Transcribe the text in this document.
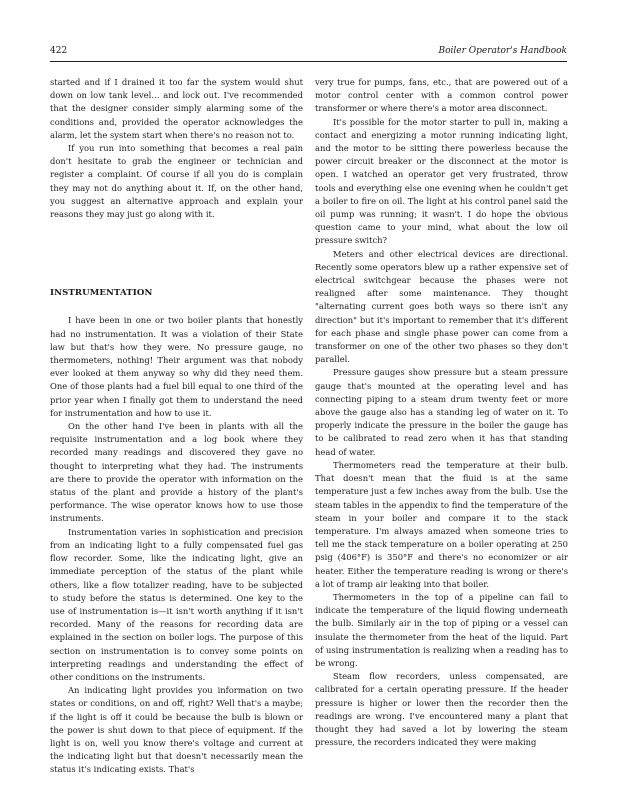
422	Boiler Operator's Handbook

started and if I drained it too far the system would shut down on low tank level… and lock out. I've recommended that the designer consider simply alarming some of the conditions and, provided the operator acknowledges the alarm, let the system start when there's no reason not to.

If you run into something that becomes a real pain don't hesitate to grab the engineer or technician and register a complaint. Of course if all you do is complain they may not do anything about it. If, on the other hand, you suggest an alternative approach and explain your reasons they may just go along with it.

INSTRUMENTATION

I have been in one or two boiler plants that honestly had no instrumentation. It was a violation of their State law but that's how they were. No pressure gauge, no thermometers, nothing! Their argument was that nobody ever looked at them anyway so why did they need them. One of those plants had a fuel bill equal to one third of the prior year when I finally got them to understand the need for instrumentation and how to use it.

On the other hand I've been in plants with all the requisite instrumentation and a log book where they recorded many readings and discovered they gave no thought to interpreting what they had. The instruments are there to provide the operator with information on the status of the plant and provide a history of the plant's performance. The wise operator knows how to use those instruments.

Instrumentation varies in sophistication and precision from an indicating light to a fully compensated fuel gas flow recorder. Some, like the indicating light, give an immediate perception of the status of the plant while others, like a flow totalizer reading, have to be subjected to study before the status is determined. One key to the use of instrumentation is—it isn't worth anything if it isn't recorded. Many of the reasons for recording data are explained in the section on boiler logs. The purpose of this section on instrumentation is to convey some points on interpreting readings and understanding the effect of other conditions on the instruments.

An indicating light provides you information on two states or conditions, on and off, right? Well that's a maybe; if the light is off it could be because the bulb is blown or the power is shut down to that piece of equipment. If the light is on, well you know there's voltage and current at the indicating light but that doesn't necessarily mean the status it's indicating exists. That's

very true for pumps, fans, etc., that are powered out of a motor control center with a common control power transformer or where there's a motor area disconnect.

It's possible for the motor starter to pull in, making a contact and energizing a motor running indicating light, and the motor to be sitting there powerless because the power circuit breaker or the disconnect at the motor is open. I watched an operator get very frustrated, throw tools and everything else one evening when he couldn't get a boiler to fire on oil. The light at his control panel said the oil pump was running; it wasn't. I do hope the obvious question came to your mind, what about the low oil pressure switch?

Meters and other electrical devices are directional. Recently some operators blew up a rather expensive set of electrical switchgear because the phases were not realigned after some maintenance. They thought "alternating current goes both ways so there isn't any direction" but it's important to remember that it's different for each phase and single phase power can come from a transformer on one of the other two phases so they don't parallel.

Pressure gauges show pressure but a steam pressure gauge that's mounted at the operating level and has connecting piping to a steam drum twenty feet or more above the gauge also has a standing leg of water on it. To properly indicate the pressure in the boiler the gauge has to be calibrated to read zero when it has that standing head of water.

Thermometers read the temperature at their bulb. That doesn't mean that the fluid is at the same temperature just a few inches away from the bulb. Use the steam tables in the appendix to find the temperature of the steam in your boiler and compare it to the stack temperature. I'm always amazed when someone tries to tell me the stack temperature on a boiler operating at 250 psig (406°F) is 350°F and there's no economizer or air heater. Either the temperature reading is wrong or there's a lot of tramp air leaking into that boiler.

Thermometers in the top of a pipeline can fail to indicate the temperature of the liquid flowing underneath the bulb. Similarly air in the top of piping or a vessel can insulate the thermometer from the heat of the liquid. Part of using instrumentation is realizing when a reading has to be wrong.

Steam flow recorders, unless compensated, are calibrated for a certain operating pressure. If the header pressure is higher or lower then the recorder then the readings are wrong. I've encountered many a plant that thought they had saved a lot by lowering the steam pressure, the recorders indicated they were making
